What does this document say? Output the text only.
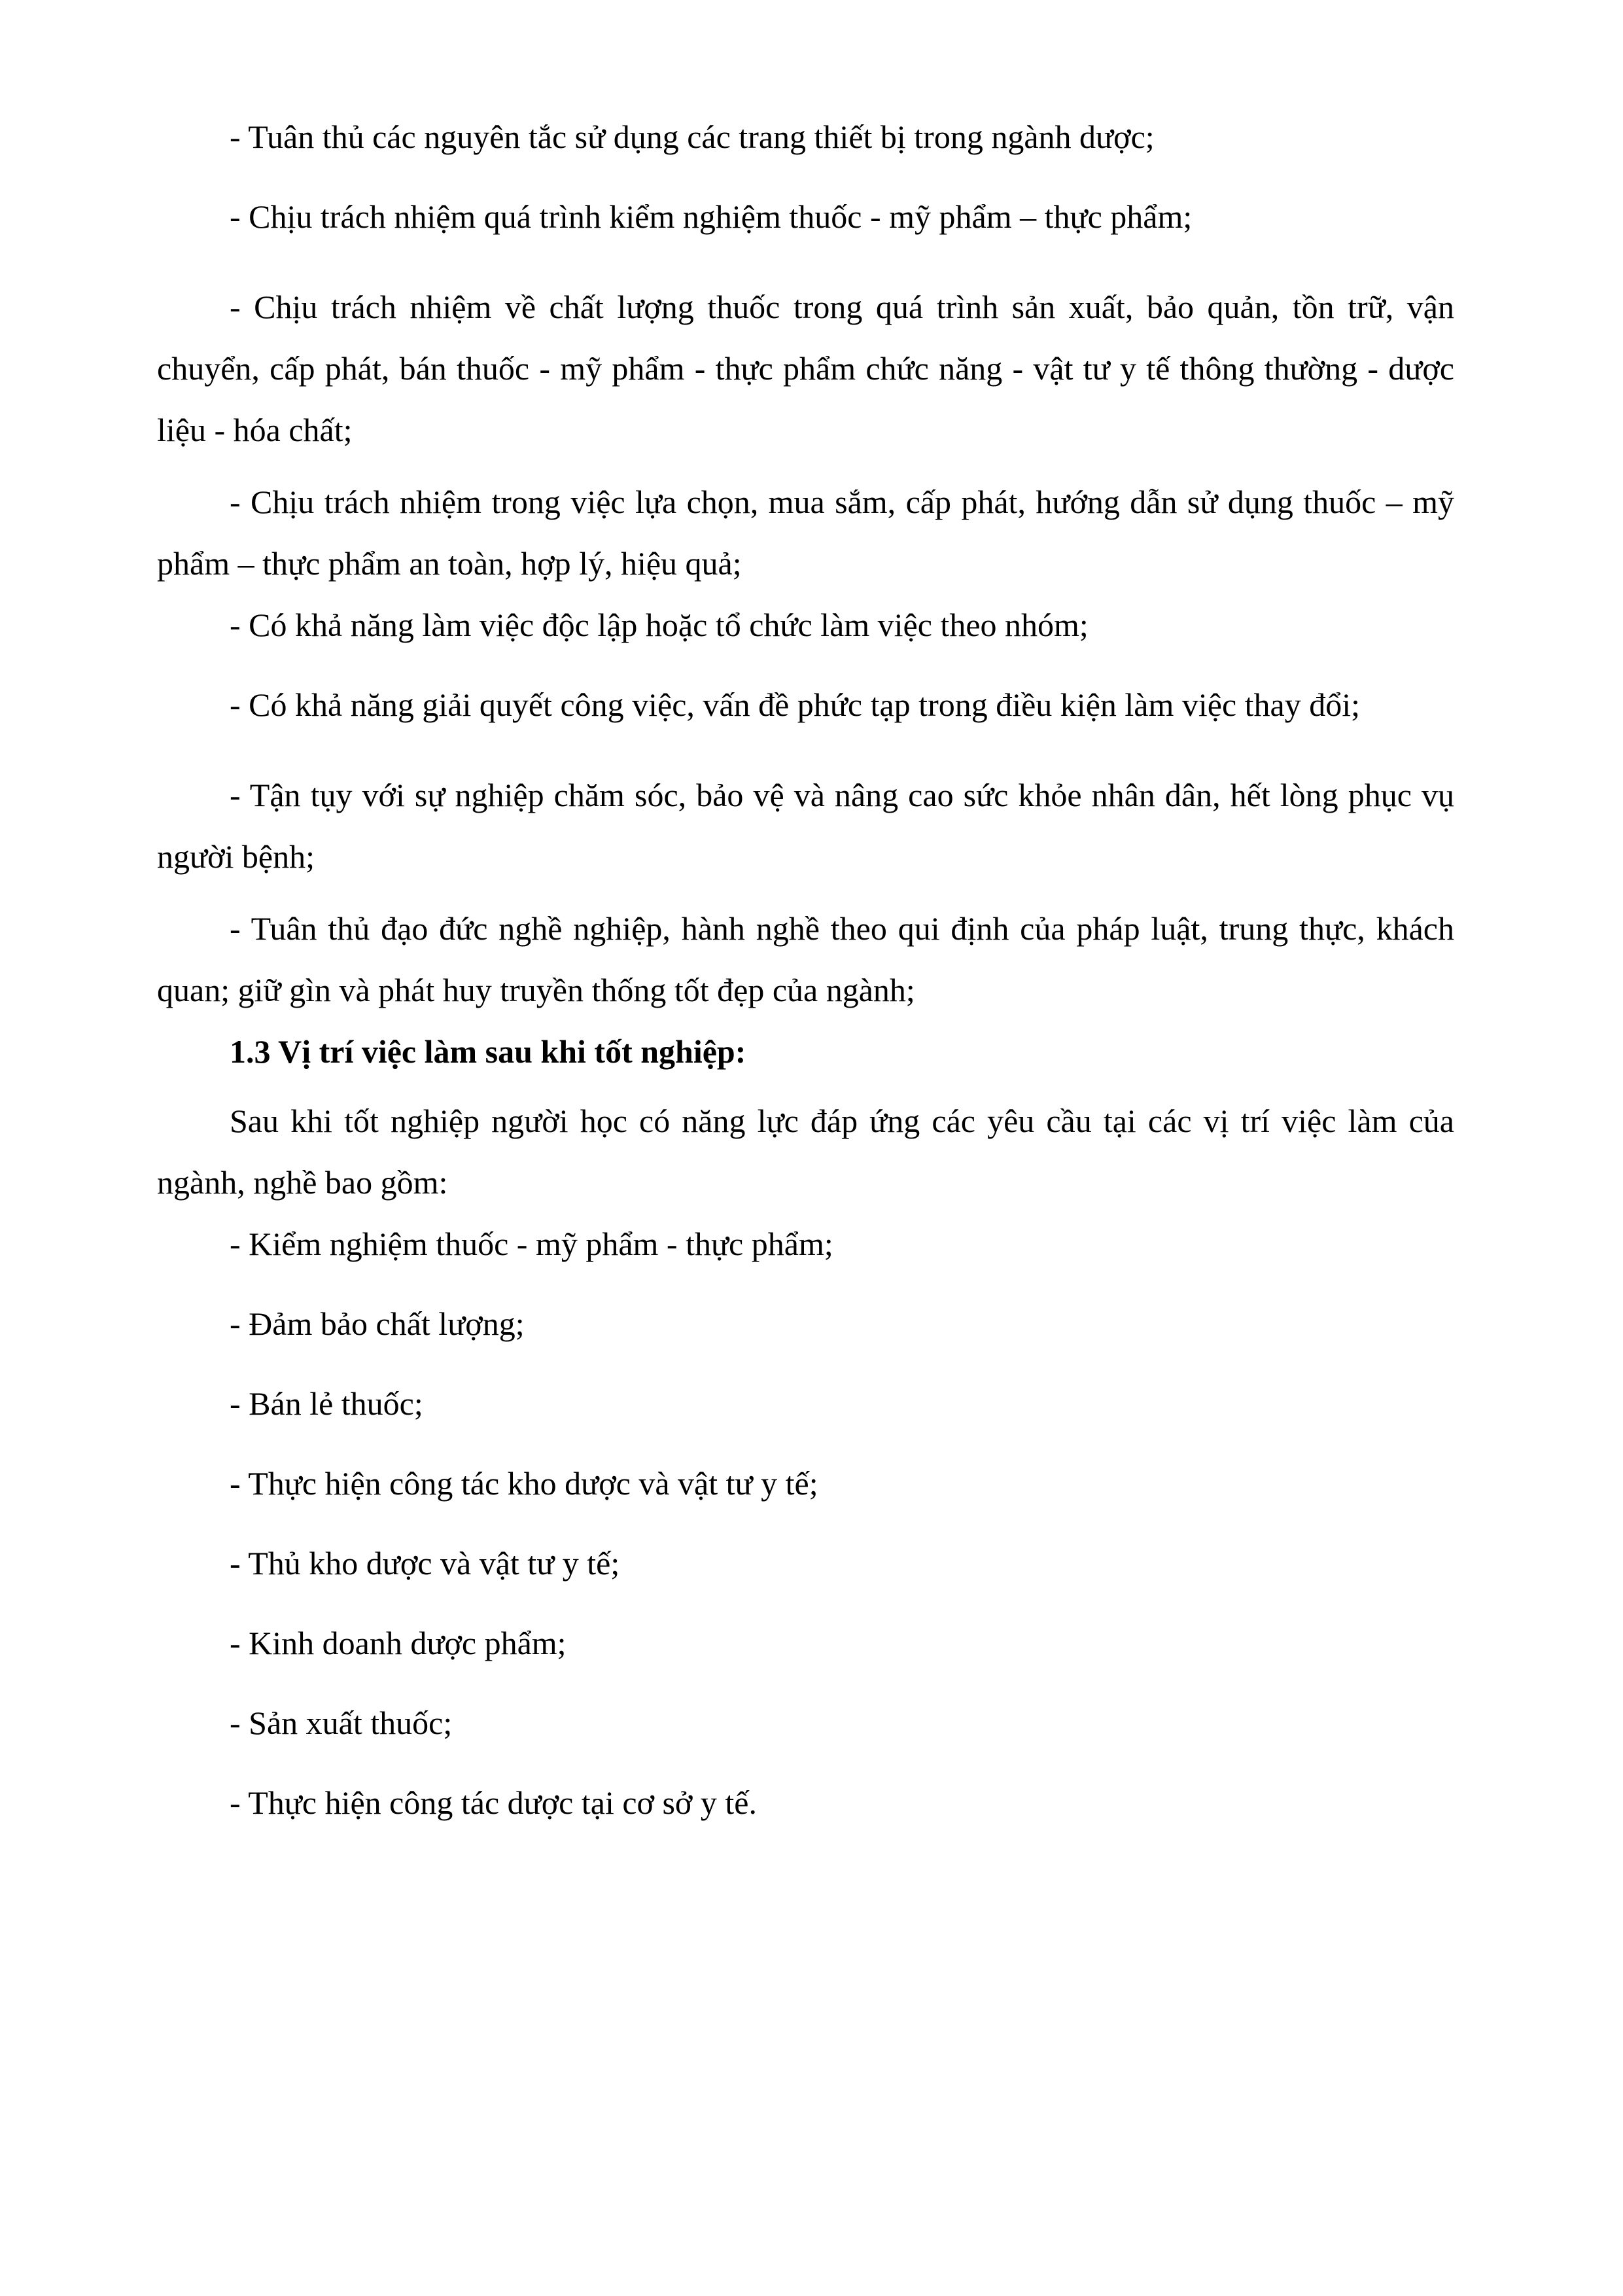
- Tuân thủ các nguyên tắc sử dụng các trang thiết bị trong ngành dược;

- Chịu trách nhiệm quá trình kiểm nghiệm thuốc - mỹ phẩm – thực phẩm;

- Chịu trách nhiệm về chất lượng thuốc trong quá trình sản xuất, bảo quản, tồn trữ, vận chuyển, cấp phát, bán thuốc - mỹ phẩm - thực phẩm chức năng - vật tư y tế thông thường - dược liệu - hóa chất;

- Chịu trách nhiệm trong việc lựa chọn, mua sắm, cấp phát, hướng dẫn sử dụng thuốc – mỹ phẩm – thực phẩm an toàn, hợp lý, hiệu quả;

- Có khả năng làm việc độc lập hoặc tổ chức làm việc theo nhóm;

- Có khả năng giải quyết công việc, vấn đề phức tạp trong điều kiện làm việc thay đổi;

- Tận tụy với sự nghiệp chăm sóc, bảo vệ và nâng cao sức khỏe nhân dân, hết lòng phục vụ người bệnh;

- Tuân thủ đạo đức nghề nghiệp, hành nghề theo qui định của pháp luật, trung thực, khách quan; giữ gìn và phát huy truyền thống tốt đẹp của ngành;

1.3 Vị trí việc làm sau khi tốt nghiệp:

Sau khi tốt nghiệp người học có năng lực đáp ứng các yêu cầu tại các vị trí việc làm của ngành, nghề bao gồm:

- Kiểm nghiệm thuốc - mỹ phẩm - thực phẩm;

- Đảm bảo chất lượng;

- Bán lẻ thuốc;

- Thực hiện công tác kho dược và vật tư y tế;

- Thủ kho dược và vật tư y tế;

- Kinh doanh dược phẩm;

- Sản xuất thuốc;

- Thực hiện công tác dược tại cơ sở y tế.
